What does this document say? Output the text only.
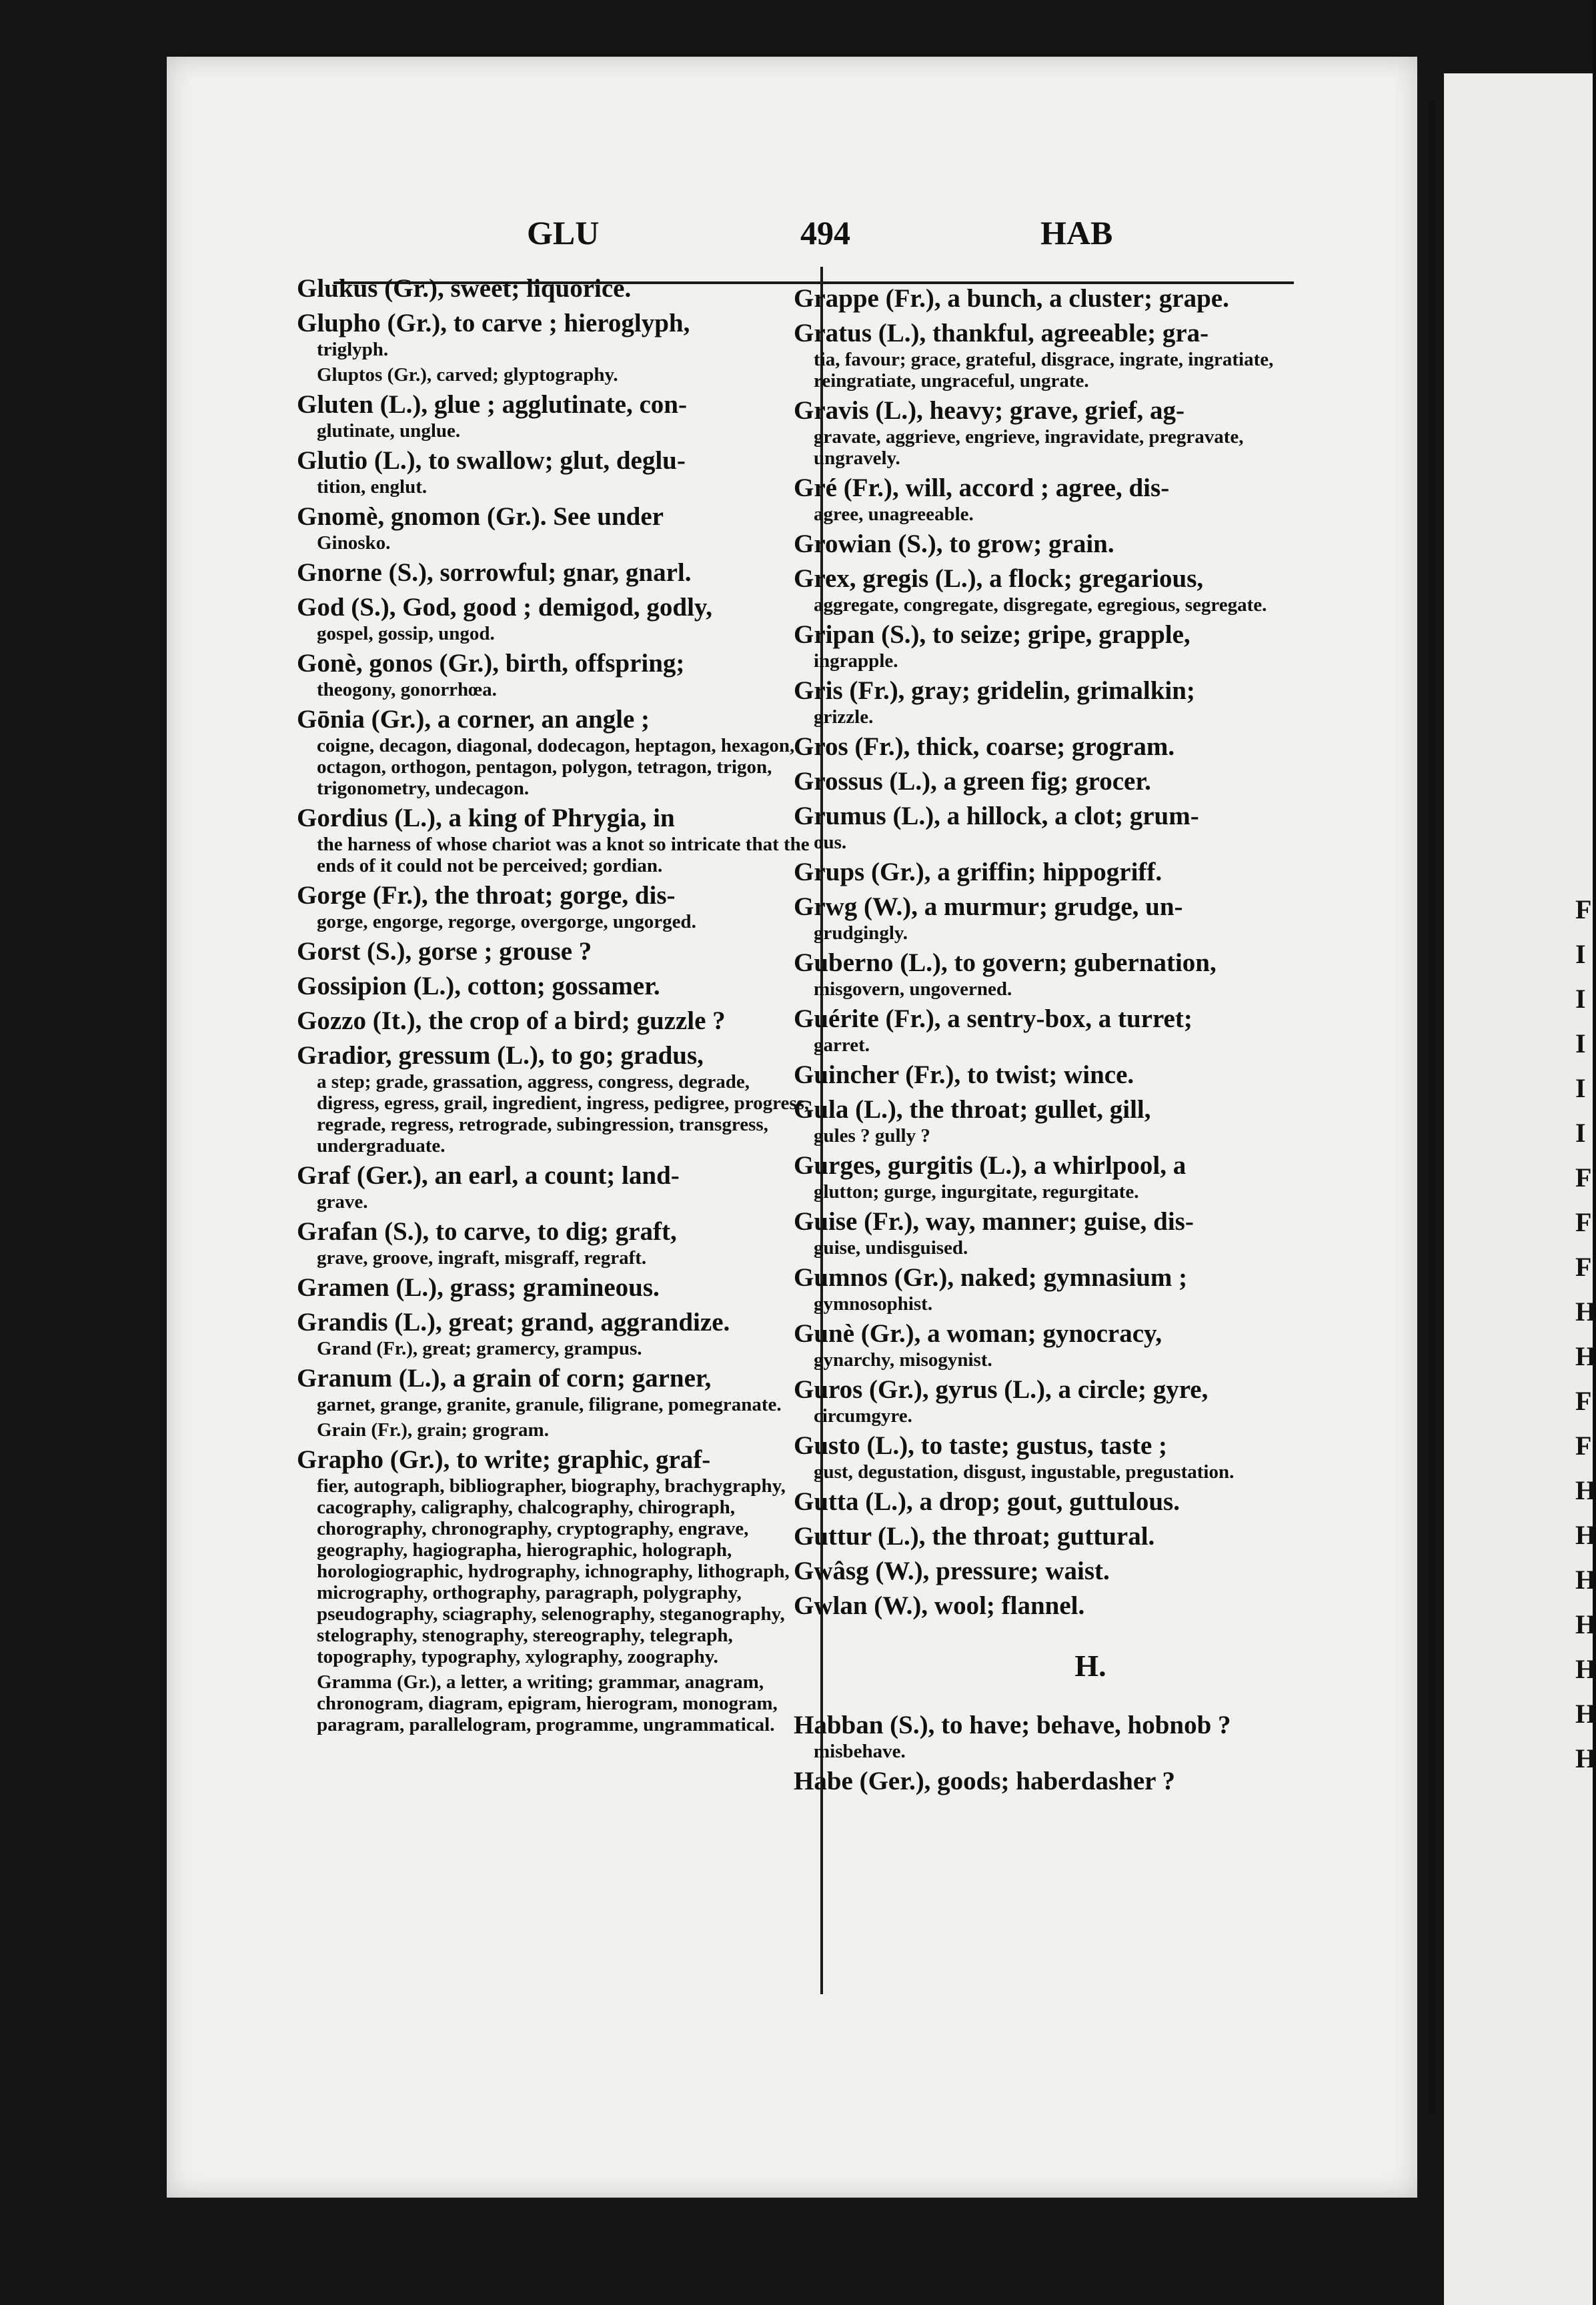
F
I
I
I
I
I
F
F
F
H
H
F
F
H
H
H
H
H
H
H
GLU	494	HAB
Glukus (Gr.), sweet; liquorice.
Glupho (Gr.), to carve ; hieroglyph,
triglyph.
Gluptos (Gr.), carved; glyptography.
Gluten (L.), glue ; agglutinate, con-
glutinate, unglue.
Glutio (L.), to swallow; glut, deglu-
tition, englut.
Gnomè, gnomon (Gr.). See under
Ginosko.
Gnorne (S.), sorrowful; gnar, gnarl.
God (S.), God, good ; demigod, godly,
gospel, gossip, ungod.
Gonè, gonos (Gr.), birth, offspring;
theogony, gonorrhœa.
Gōnia (Gr.), a corner, an angle ;
coigne, decagon, diagonal, dodecagon, heptagon, hexagon, octagon, orthogon, pentagon, polygon, tetragon, trigon, trigonometry, undecagon.
Gordius (L.), a king of Phrygia, in
the harness of whose chariot was a knot so intricate that the ends of it could not be perceived; gordian.
Gorge (Fr.), the throat; gorge, dis-
gorge, engorge, regorge, overgorge, ungorged.
Gorst (S.), gorse ; grouse ?
Gossipion (L.), cotton; gossamer.
Gozzo (It.), the crop of a bird; guzzle ?
Gradior, gressum (L.), to go; gradus,
a step; grade, grassation, aggress, congress, degrade, digress, egress, grail, ingredient, ingress, pedigree, progress, regrade, regress, retrograde, subingression, transgress, undergraduate.
Graf (Ger.), an earl, a count; land-
grave.
Grafan (S.), to carve, to dig; graft,
grave, groove, ingraft, misgraff, regraft.
Gramen (L.), grass; gramineous.
Grandis (L.), great; grand, aggrandize.
Grand (Fr.), great; gramercy, grampus.
Granum (L.), a grain of corn; garner,
garnet, grange, granite, granule, filigrane, pomegranate.
Grain (Fr.), grain; grogram.
Grapho (Gr.), to write; graphic, graf-
fier, autograph, bibliographer, biography, brachygraphy, cacography, caligraphy, chalcography, chirograph, chorography, chronography, cryptography, engrave, geography, hagiographa, hierographic, holograph, horologiographic, hydrography, ichnography, lithograph, micrography, orthography, paragraph, polygraphy, pseudography, sciagraphy, selenography, steganography, stelography, stenography, stereography, telegraph, topography, typography, xylography, zoography.
Gramma (Gr.), a letter, a writing; grammar, anagram, chronogram, diagram, epigram, hierogram, monogram, paragram, parallelogram, programme, ungrammatical.
Grappe (Fr.), a bunch, a cluster; grape.
Gratus (L.), thankful, agreeable; gra-
tia, favour; grace, grateful, disgrace, ingrate, ingratiate, reingratiate, ungraceful, ungrate.
Gravis (L.), heavy; grave, grief, ag-
gravate, aggrieve, engrieve, ingravidate, pregravate, ungravely.
Gré (Fr.), will, accord ; agree, dis-
agree, unagreeable.
Growian (S.), to grow; grain.
Grex, gregis (L.), a flock; gregarious,
aggregate, congregate, disgregate, egregious, segregate.
Gripan (S.), to seize; gripe, grapple,
ingrapple.
Gris (Fr.), gray; gridelin, grimalkin;
grizzle.
Gros (Fr.), thick, coarse; grogram.
Grossus (L.), a green fig; grocer.
Grumus (L.), a hillock, a clot; grum-
ous.
Grups (Gr.), a griffin; hippogriff.
Grwg (W.), a murmur; grudge, un-
grudgingly.
Guberno (L.), to govern; gubernation,
misgovern, ungoverned.
Guérite (Fr.), a sentry-box, a turret;
garret.
Guincher (Fr.), to twist; wince.
Gula (L.), the throat; gullet, gill,
gules ? gully ?
Gurges, gurgitis (L.), a whirlpool, a
glutton; gurge, ingurgitate, regurgitate.
Guise (Fr.), way, manner; guise, dis-
guise, undisguised.
Gumnos (Gr.), naked; gymnasium ;
gymnosophist.
Gunè (Gr.), a woman; gynocracy,
gynarchy, misogynist.
Guros (Gr.), gyrus (L.), a circle; gyre,
circumgyre.
Gusto (L.), to taste; gustus, taste ;
gust, degustation, disgust, ingustable, pregustation.
Gutta (L.), a drop; gout, guttulous.
Guttur (L.), the throat; guttural.
Gwâsg (W.), pressure; waist.
Gwlan (W.), wool; flannel.
H.
Habban (S.), to have; behave, hobnob ?
misbehave.
Habe (Ger.), goods; haberdasher ?
